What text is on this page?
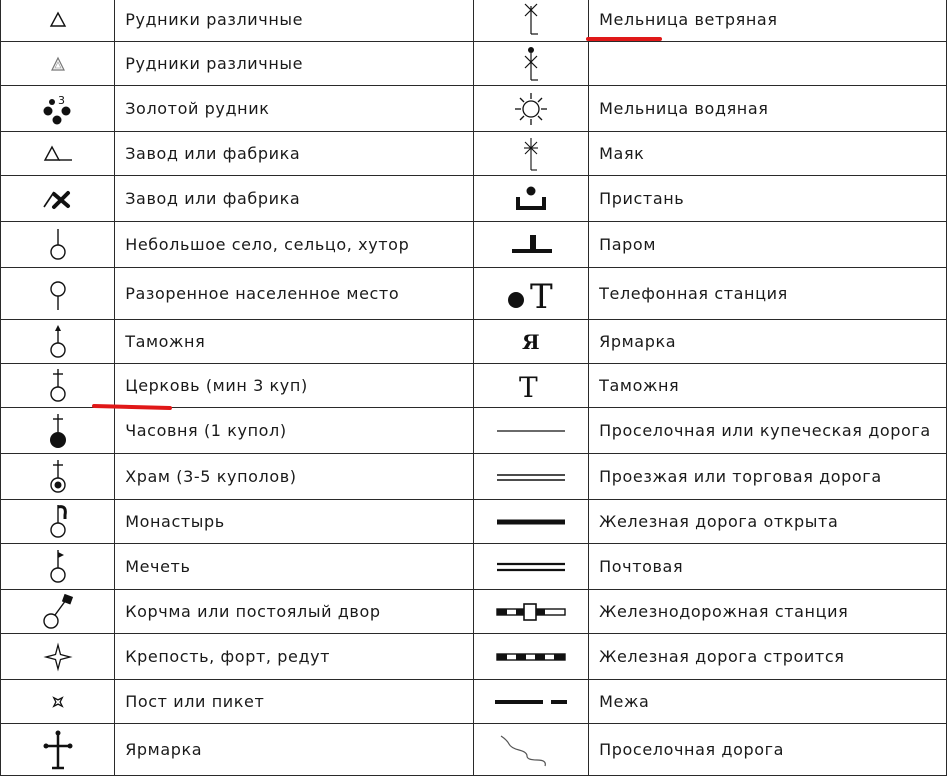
	Рудники различные		Мельница ветряная

	Рудники различные	

3	Золотой рудник		Мельница водяная

	Завод или фабрика		Маяк

	Завод или фабрика		Пристань

	Небольшое село, сельцо, хутор		Паром

	Разоренное населенное место	T	Телефонная станция

	Таможня	Я	Ярмарка

	Церковь (мин 3 куп)	T	Таможня

	Часовня (1 купол)		Проселочная или купеческая дорога

	Храм (3-5 куполов)		Проезжая или торговая дорога

	Монастырь		Железная дорога открыта

	Мечеть		Почтовая

	Корчма или постоялый двор		Железнодорожная станция

	Крепость, форт, редут		Железная дорога строится

	Пост или пикет		Межа

	Ярмарка		Проселочная дорога
